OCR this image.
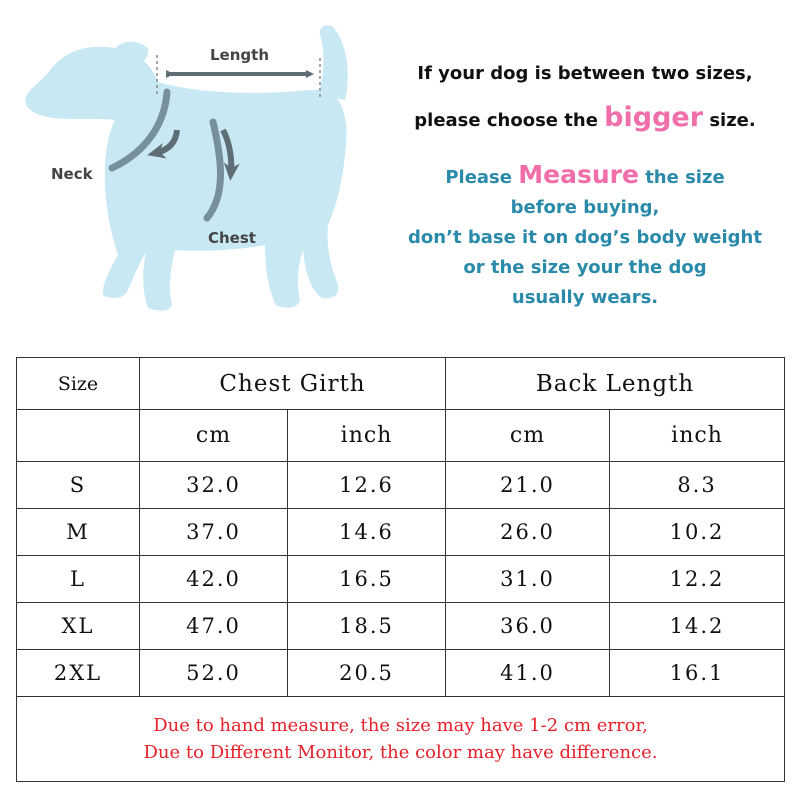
Length
Neck
Chest
If your dog is between two sizes,
please choose the bigger size.
Please Measure the size
before buying,
don’t base it on dog’s body weight
or the size your the dog
usually wears.
Size	Chest Girth		Back Length	
	cm	inch	cm	inch
S	32.0	12.6	21.0	8.3
M	37.0	14.6	26.0	10.2
L	42.0	16.5	31.0	12.2
XL	47.0	18.5	36.0	14.2
2XL	52.0	20.5	41.0	16.1

Due to hand measure, the size may have 1-2 cm error,
Due to Different Monitor, the color may have difference.				
